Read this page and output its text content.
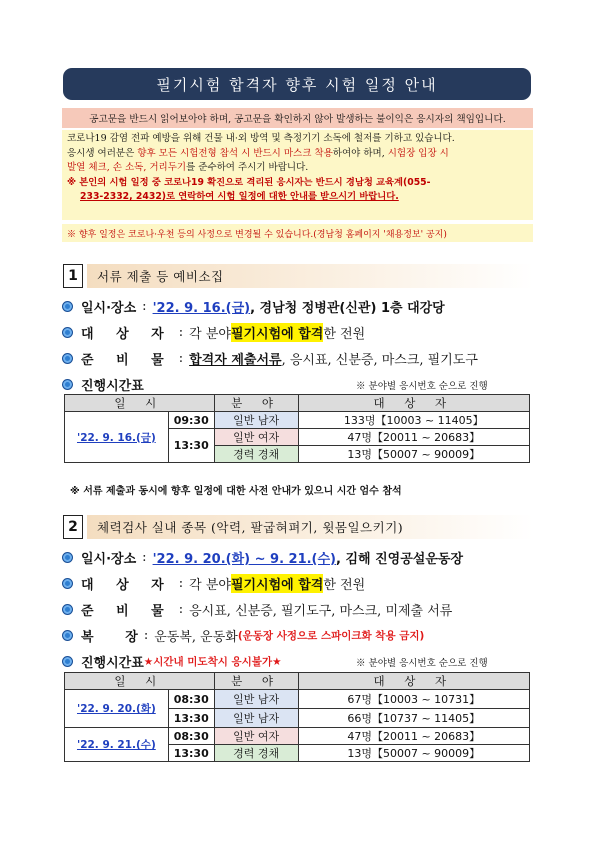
필기시험 합격자 향후 시험 일정 안내
공고문을 반드시 읽어보아야 하며, 공고문을 확인하지 않아 발생하는 불이익은 응시자의 책임입니다.
코로나19 감염 전파 예방을 위해 건물 내·외 방역 및 측정기기 소독에 철저를 기하고 있습니다.
응시생 여러분은 향후 모든 시험전형 참석 시 반드시 마스크 착용하여야 하며, 시험장 입장 시
발열 체크, 손 소독, 거리두기를 준수하여 주시기 바랍니다.
※ 본인의 시험 일정 중 코로나19 확진으로 격리된 응시자는 반드시 경남청 교육계(055-
233-2332, 2432)로 연락하여 시험 일정에 대한 안내를 받으시기 바랍니다.
※ 향후 일정은 코로나·우천 등의 사정으로 변경될 수 있습니다.(경남청 홈페이지 '채용정보' 공지)
1	서류 제출 등 예비소집
일시·장소 : '22. 9. 16.(금) , 경남청 정병관(신관) 1층 대강당
대 상 자 : 각 분야 필기시험에 합격 한 전원
준 비 물 : 합격자 제출서류 , 응시표, 신분증, 마스크, 필기도구
진행시간표	※ 분야별 응시번호 순으로 진행
일 시		분 야	대 상 자
'22. 9. 16.(금)	09:30	일반 남자	133명【10003 ~ 11405】
	13:30	일반 여자	47명【20011 ~ 20683】
		경력 경채	13명【50007 ~ 90009】
※ 서류 제출과 동시에 향후 일정에 대한 사전 안내가 있으니 시간 엄수 참석
2	체력검사 실내 종목 (악력, 팔굽혀펴기, 윗몸일으키기)
일시·장소 : '22. 9. 20.(화) ~ 9. 21.(수) , 김해 진영공설운동장
대 상 자 : 각 분야 필기시험에 합격 한 전원
준 비 물 : 응시표, 신분증, 필기도구, 마스크, 미제출 서류
복       장 : 운동복, 운동화 (운동장 사정으로 스파이크화 착용 금지)
진행시간표 ★시간내 미도착시 응시불가★	※ 분야별 응시번호 순으로 진행
일 시		분 야	대 상 자
'22. 9. 20.(화)	08:30	일반 남자	67명【10003 ~ 10731】
	13:30	일반 남자	66명【10737 ~ 11405】
'22. 9. 21.(수)	08:30	일반 여자	47명【20011 ~ 20683】
	13:30	경력 경채	13명【50007 ~ 90009】
